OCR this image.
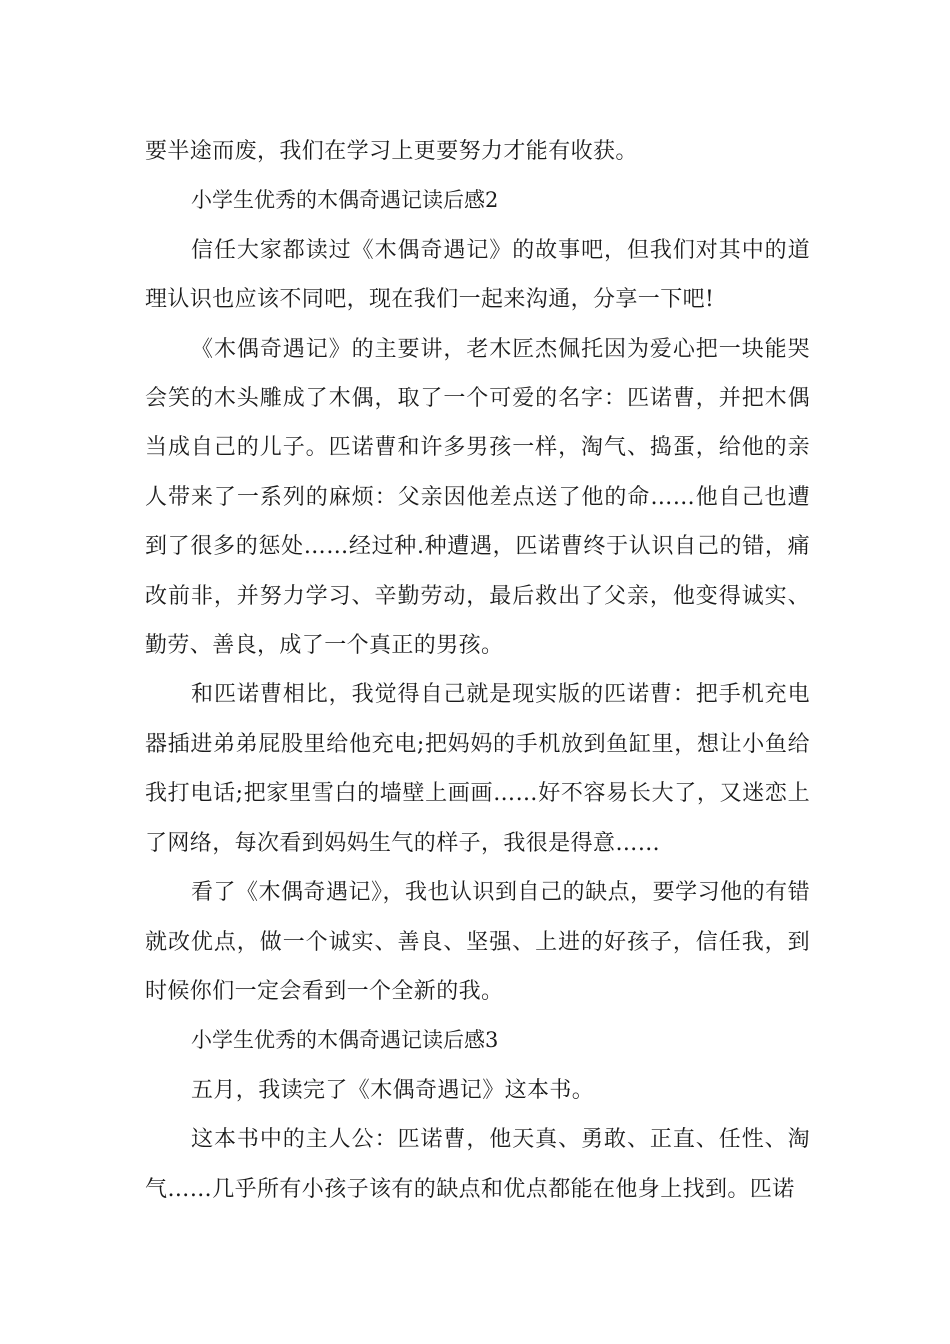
要半途而废，我们在学习上更要努力才能有收获。

小学生优秀的木偶奇遇记读后感2

信任大家都读过《木偶奇遇记》的故事吧，但我们对其中的道理认识也应该不同吧，现在我们一起来沟通，分享一下吧!

《木偶奇遇记》的主要讲，老木匠杰佩托因为爱心把一块能哭会笑的木头雕成了木偶，取了一个可爱的名字：匹诺曹，并把木偶当成自己的儿子。匹诺曹和许多男孩一样，淘气、捣蛋，给他的亲人带来了一系列的麻烦：父亲因他差点送了他的命……他自己也遭到了很多的惩处……经过种.种遭遇，匹诺曹终于认识自己的错，痛改前非，并努力学习、辛勤劳动，最后救出了父亲，他变得诚实、勤劳、善良，成了一个真正的男孩。

和匹诺曹相比，我觉得自己就是现实版的匹诺曹：把手机充电器插进弟弟屁股里给他充电;把妈妈的手机放到鱼缸里，想让小鱼给我打电话;把家里雪白的墙壁上画画……好不容易长大了，又迷恋上了网络，每次看到妈妈生气的样子，我很是得意……

看了《木偶奇遇记》，我也认识到自己的缺点，要学习他的有错就改优点，做一个诚实、善良、坚强、上进的好孩子，信任我，到时候你们一定会看到一个全新的我。

小学生优秀的木偶奇遇记读后感3

五月，我读完了《木偶奇遇记》这本书。

这本书中的主人公：匹诺曹，他天真、勇敢、正直、任性、淘气……几乎所有小孩子该有的缺点和优点都能在他身上找到。匹诺
